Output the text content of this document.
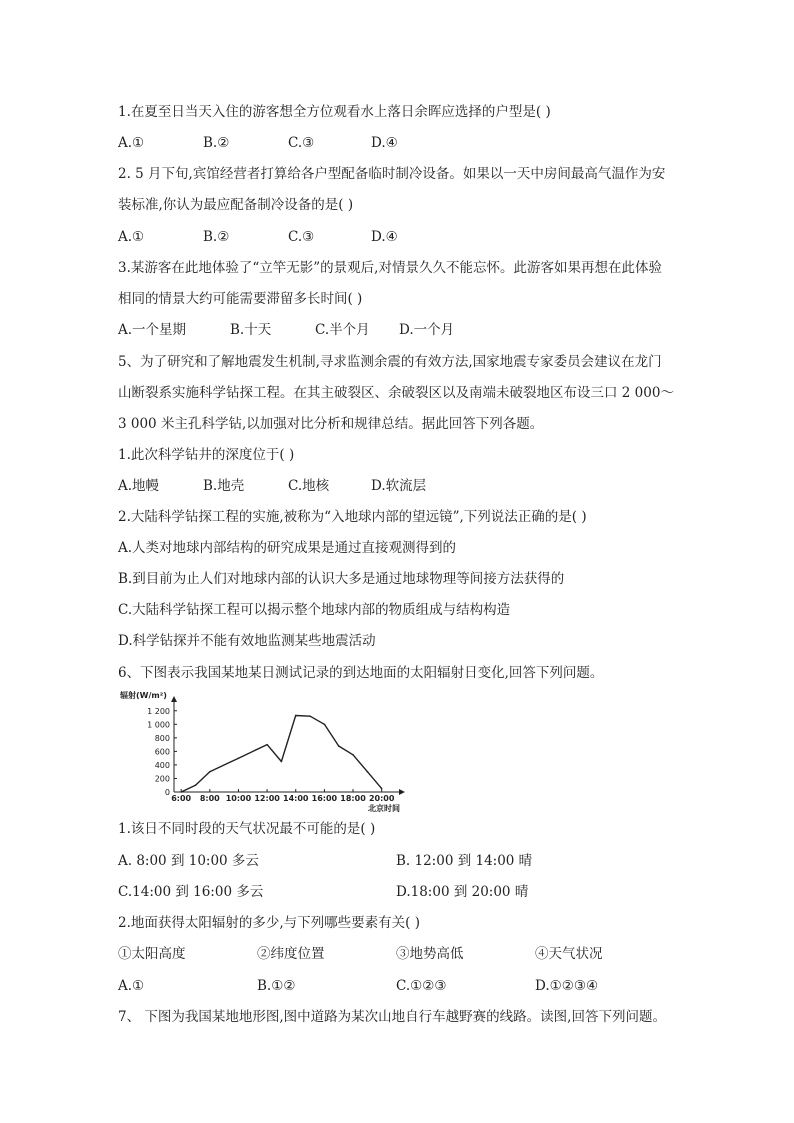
1.在夏至日当天入住的游客想全方位观看水上落日余晖应选择的户型是( )
A.①	B.②	C.③	D.④
2. 5 月下旬,宾馆经营者打算给各户型配备临时制冷设备。如果以一天中房间最高气温作为安
装标准,你认为最应配备制冷设备的是( )
A.①	B.②	C.③	D.④
3.某游客在此地体验了“立竿无影”的景观后,对情景久久不能忘怀。此游客如果再想在此体验
相同的情景大约可能需要滞留多长时间( )
A.一个星期	B.十天	C.半个月 D.一个月
5、为了研究和了解地震发生机制,寻求监测余震的有效方法,国家地震专家委员会建议在龙门
山断裂系实施科学钻探工程。在其主破裂区、余破裂区以及南端未破裂地区布设三口 2 000～
3 000 米主孔科学钻,以加强对比分析和规律总结。据此回答下列各题。
1.此次科学钻井的深度位于( )
A.地幔	B.地壳	C.地核	D.软流层
2.大陆科学钻探工程的实施,被称为“入地球内部的望远镜”,下列说法正确的是( )
A.人类对地球内部结构的研究成果是通过直接观测得到的
B.到目前为止人们对地球内部的认识大多是通过地球物理等间接方法获得的
C.大陆科学钻探工程可以揭示整个地球内部的物质组成与结构构造
D.科学钻探并不能有效地监测某些地震活动
6、下图表示我国某地某日测试记录的到达地面的太阳辐射日变化,回答下列问题。
0
200
400
600
800
1 000
1 200
6:00 8:00 10:00 12:00 14:00 16:00 18:00 20:00
辐射(W/m²)
北京时间
1.该日不同时段的天气状况最不可能的是( )
A. 8:00 到 10:00 多云	B. 12:00 到 14:00 晴
C.14:00 到 16:00 多云	D.18:00 到 20:00 晴
2.地面获得太阳辐射的多少,与下列哪些要素有关( )
①太阳高度	②纬度位置	③地势高低	④天气状况
A.①	B.①②	C.①②③	D.①②③④
7、 下图为我国某地地形图,图中道路为某次山地自行车越野赛的线路。读图,回答下列问题。
